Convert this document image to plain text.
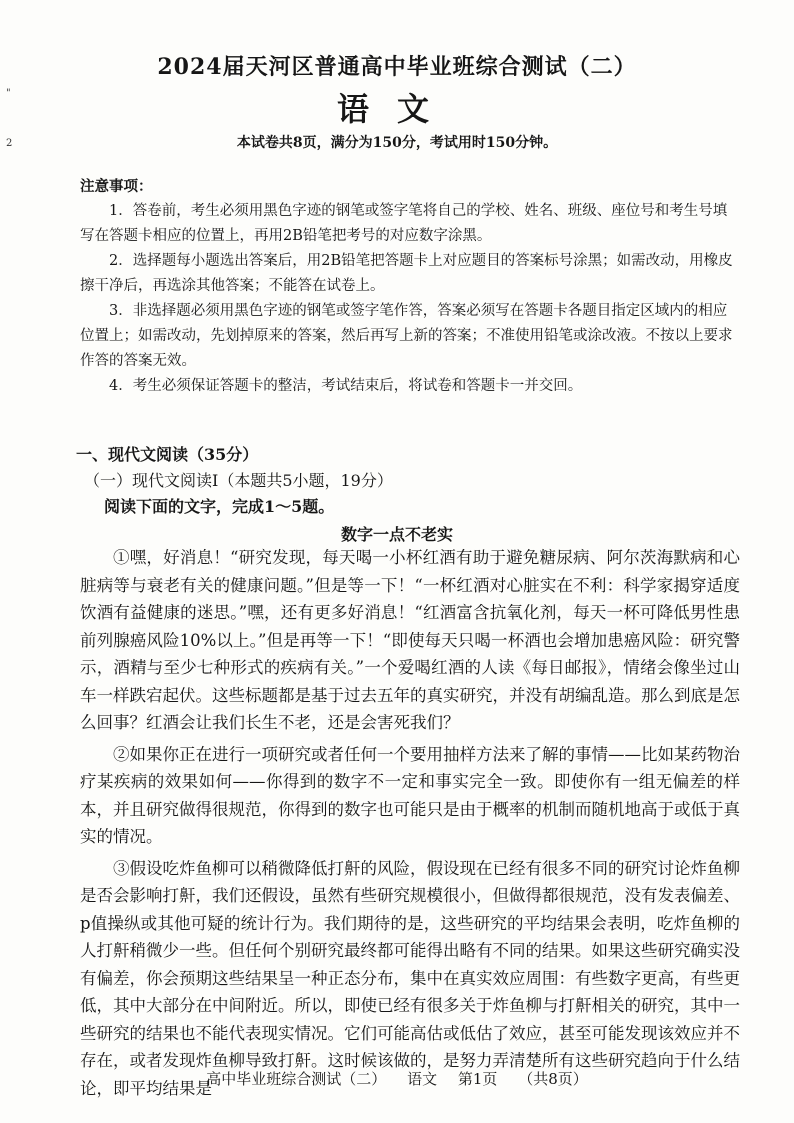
"
2
2024届天河区普通高中毕业班综合测试（二）
语文
本试卷共8页，满分为150分，考试用时150分钟。
注意事项：

1．答卷前，考生必须用黑色字迹的钢笔或签字笔将自己的学校、姓名、班级、座位号和考生号填写在答题卡相应的位置上，再用2B铅笔把考号的对应数字涂黑。

2．选择题每小题选出答案后，用2B铅笔把答题卡上对应题目的答案标号涂黑；如需改动，用橡皮擦干净后，再选涂其他答案；不能答在试卷上。

3．非选择题必须用黑色字迹的钢笔或签字笔作答，答案必须写在答题卡各题目指定区域内的相应位置上；如需改动，先划掉原来的答案，然后再写上新的答案；不准使用铅笔或涂改液。不按以上要求作答的答案无效。

4．考生必须保证答题卡的整洁，考试结束后，将试卷和答题卡一并交回。

一、现代文阅读（35分）
（一）现代文阅读Ⅰ（本题共5小题，19分）
阅读下面的文字，完成1～5题。
数字一点不老实

①嘿，好消息！“研究发现，每天喝一小杯红酒有助于避免糖尿病、阿尔茨海默病和心脏病等与衰老有关的健康问题。”但是等一下！“一杯红酒对心脏实在不利：科学家揭穿适度饮酒有益健康的迷思。”嘿，还有更多好消息！“红酒富含抗氧化剂，每天一杯可降低男性患前列腺癌风险10%以上。”但是再等一下！“即使每天只喝一杯酒也会增加患癌风险：研究警示，酒精与至少七种形式的疾病有关。”一个爱喝红酒的人读《每日邮报》，情绪会像坐过山车一样跌宕起伏。这些标题都是基于过去五年的真实研究，并没有胡编乱造。那么到底是怎么回事？红酒会让我们长生不老，还是会害死我们？

②如果你正在进行一项研究或者任何一个要用抽样方法来了解的事情——比如某药物治疗某疾病的效果如何——你得到的数字不一定和事实完全一致。即使你有一组无偏差的样本，并且研究做得很规范，你得到的数字也可能只是由于概率的机制而随机地高于或低于真实的情况。

③假设吃炸鱼柳可以稍微降低打鼾的风险，假设现在已经有很多不同的研究讨论炸鱼柳是否会影响打鼾，我们还假设，虽然有些研究规模很小，但做得都很规范，没有发表偏差、p值操纵或其他可疑的统计行为。我们期待的是，这些研究的平均结果会表明，吃炸鱼柳的人打鼾稍微少一些。但任何个别研究最终都可能得出略有不同的结果。如果这些研究确实没有偏差，你会预期这些结果呈一种正态分布，集中在真实效应周围：有些数字更高，有些更低，其中大部分在中间附近。所以，即使已经有很多关于炸鱼柳与打鼾相关的研究，其中一些研究的结果也不能代表现实情况。它们可能高估或低估了效应，甚至可能发现该效应并不存在，或者发现炸鱼柳导致打鼾。这时候该做的，是努力弄清楚所有这些研究趋向于什么结论，即平均结果是

高中毕业班综合测试（二） 语文 第1页 （共8页）
